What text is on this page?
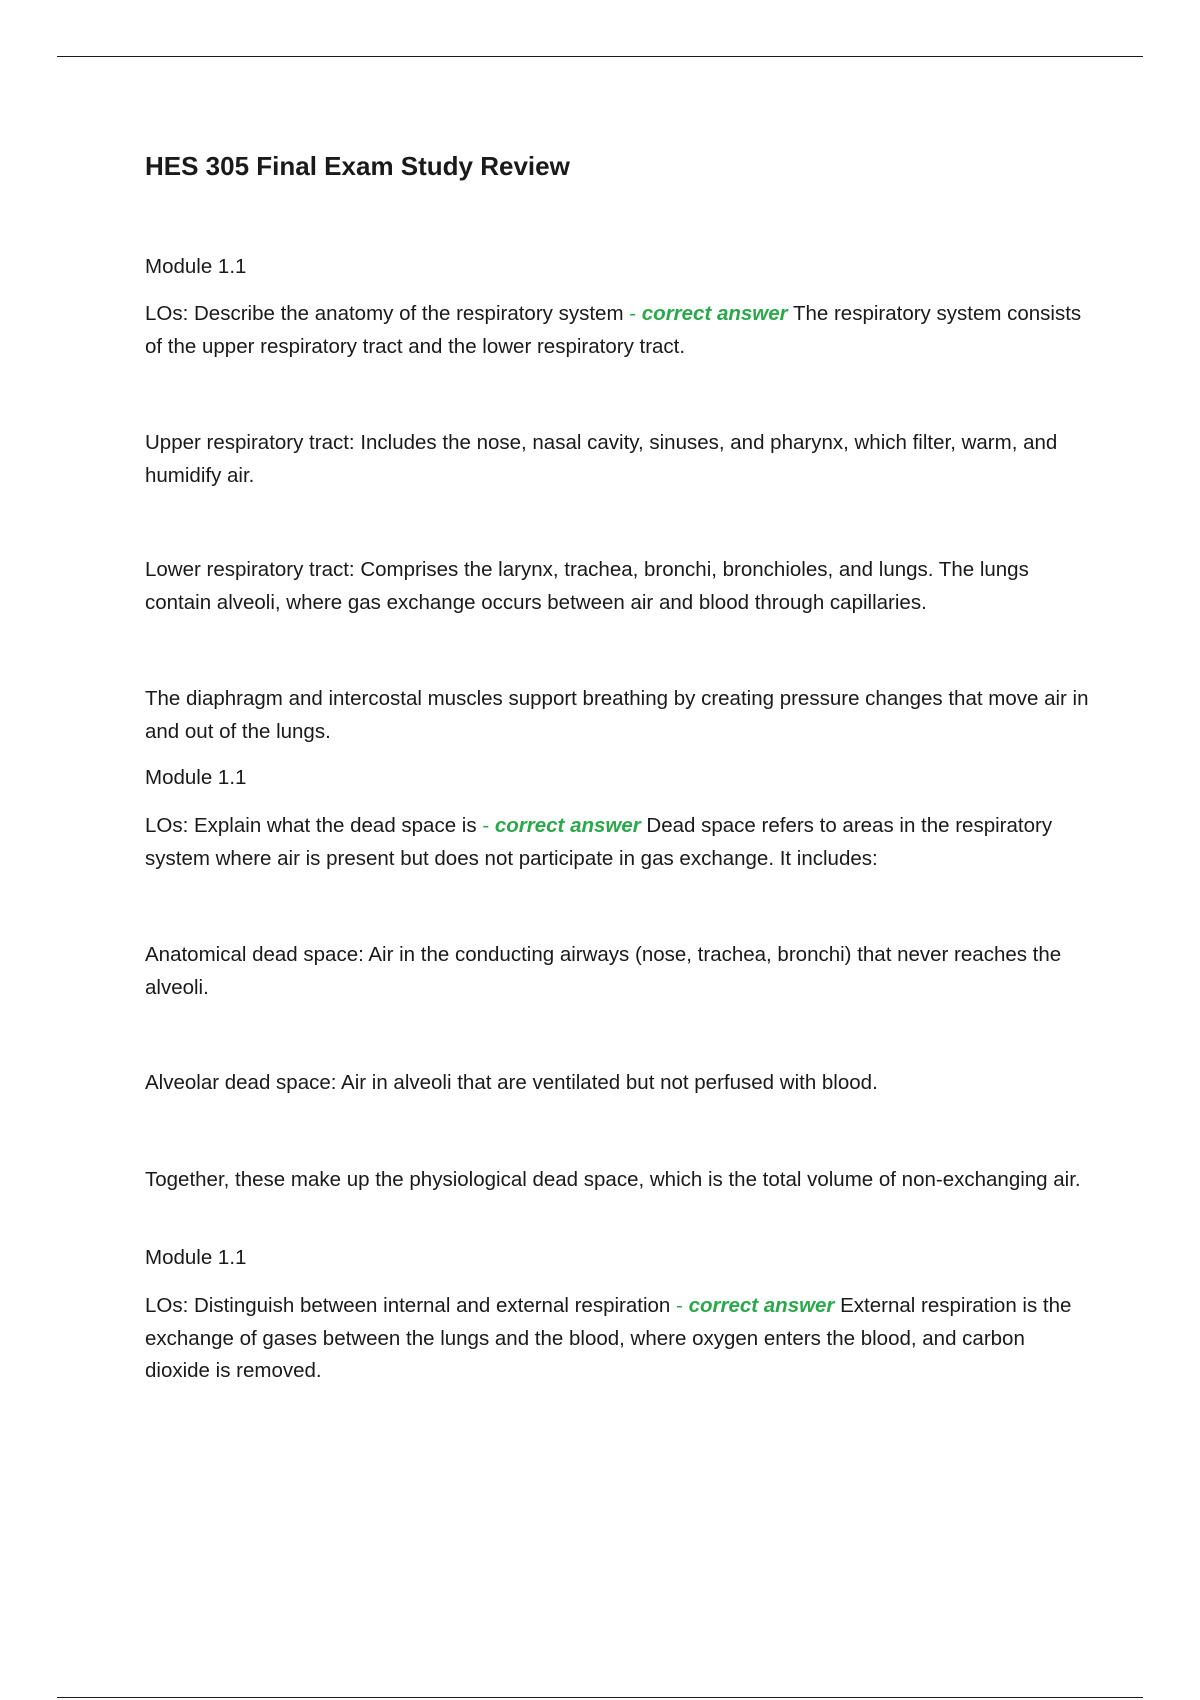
HES 305 Final Exam Study Review

Module 1.1

LOs: Describe the anatomy of the respiratory system - correct answer The respiratory system consists of the upper respiratory tract and the lower respiratory tract.

Upper respiratory tract: Includes the nose, nasal cavity, sinuses, and pharynx, which filter, warm, and humidify air.

Lower respiratory tract: Comprises the larynx, trachea, bronchi, bronchioles, and lungs. The lungs contain alveoli, where gas exchange occurs between air and blood through capillaries.

The diaphragm and intercostal muscles support breathing by creating pressure changes that move air in and out of the lungs.

Module 1.1

LOs: Explain what the dead space is - correct answer Dead space refers to areas in the respiratory system where air is present but does not participate in gas exchange. It includes:

Anatomical dead space: Air in the conducting airways (nose, trachea, bronchi) that never reaches the alveoli.

Alveolar dead space: Air in alveoli that are ventilated but not perfused with blood.

Together, these make up the physiological dead space, which is the total volume of non-exchanging air.

Module 1.1

LOs: Distinguish between internal and external respiration - correct answer External respiration is the exchange of gases between the lungs and the blood, where oxygen enters the blood, and carbon dioxide is removed.
